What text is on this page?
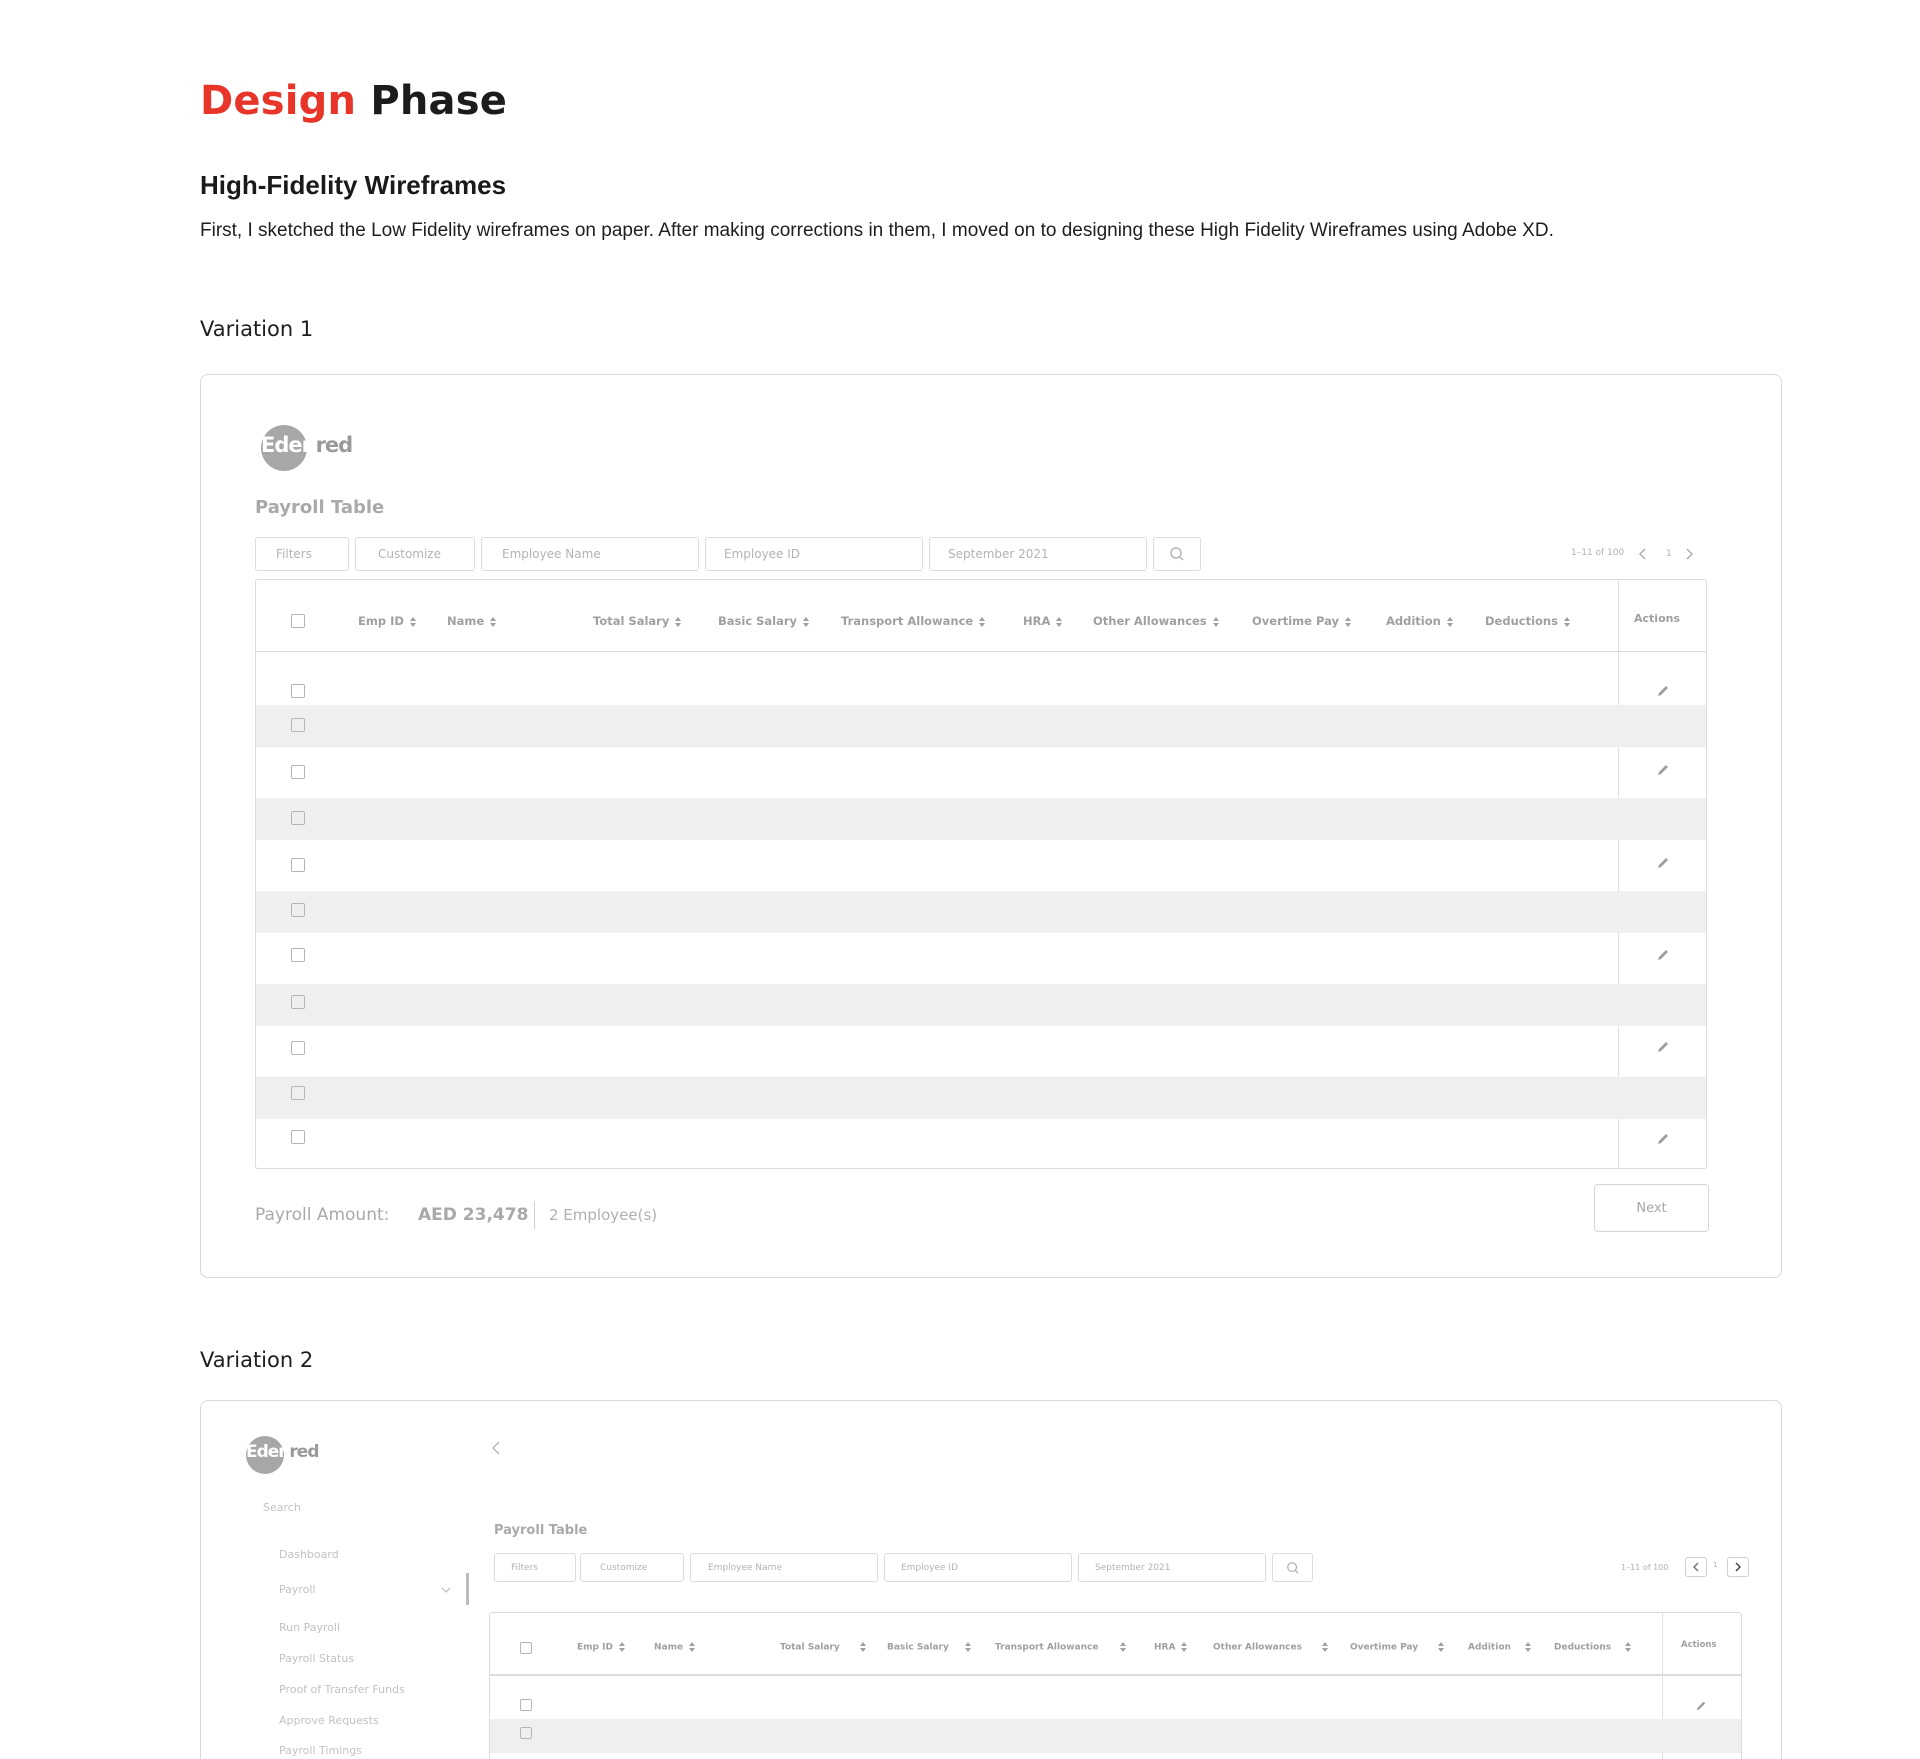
Design Phase
High-Fidelity Wireframes
First, I sketched the Low Fidelity wireframes on paper. After making corrections in them, I moved on to designing these High Fidelity Wireframes using Adobe XD.
Variation 1
Edenred
Payroll Table
Filters	Customize	Employee Name	Employee ID	September 2021	1–11 of 100	1
Emp ID	Name	Total Salary	Basic Salary	Transport Allowance	HRA	Other Allowances	Overtime Pay	Addition	Deductions	Actions
Payroll Amount: AED 23,478 2 Employee(s)	Next
Variation 2
Edenred
Search
Dashboard
Payroll
Run Payroll
Payroll Status
Proof of Transfer Funds
Approve Requests
Payroll Timings
Payroll Table
Filters	Customize	Employee Name	Employee ID	September 2021	1–11 of 100	1
Emp ID	Name	Total Salary	Basic Salary	Transport Allowance	HRA	Other Allowances	Overtime Pay	Addition	Deductions	Actions
